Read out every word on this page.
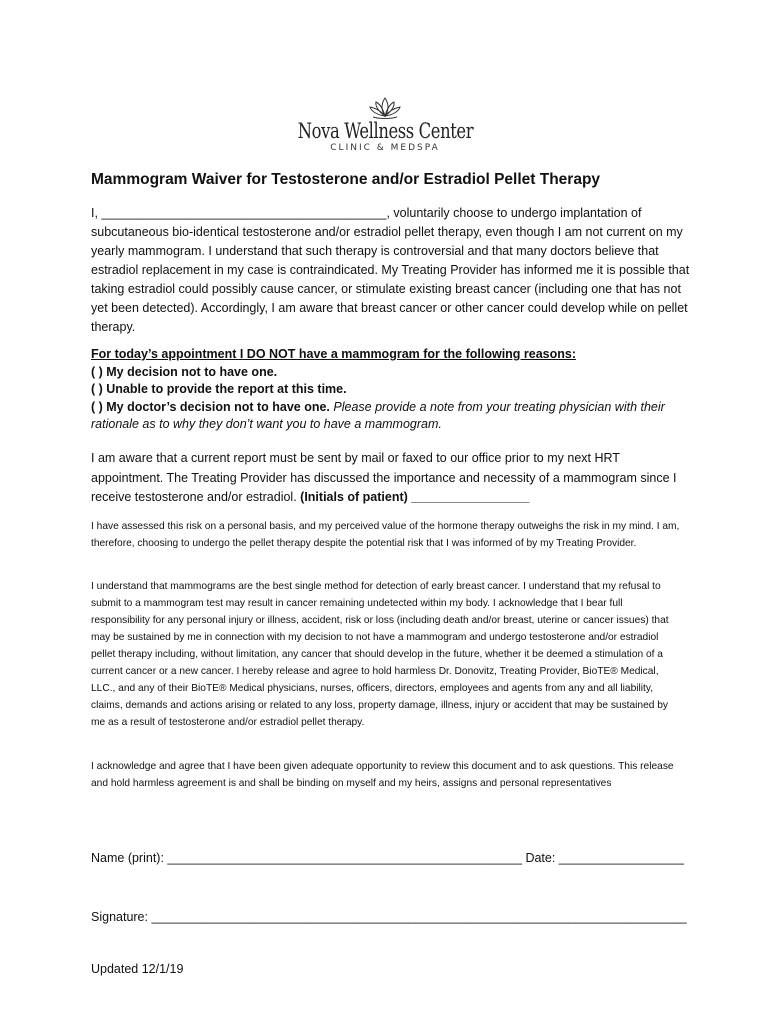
Nova Wellness Center
CLINIC & MEDSPA
Mammogram Waiver for Testosterone and/or Estradiol Pellet Therapy
I, _________________________________________, voluntarily choose to undergo implantation of subcutaneous bio-identical testosterone and/or estradiol pellet therapy, even though I am not current on my yearly mammogram. I understand that such therapy is controversial and that many doctors believe that estradiol replacement in my case is contraindicated. My Treating Provider has informed me it is possible that taking estradiol could possibly cause cancer, or stimulate existing breast cancer (including one that has not yet been detected). Accordingly, I am aware that breast cancer or other cancer could develop while on pellet therapy.
For today’s appointment I DO NOT have a mammogram for the following reasons:
( ) My decision not to have one.
( ) Unable to provide the report at this time.
( ) My doctor’s decision not to have one. Please provide a note from your treating physician with their rationale as to why they don’t want you to have a mammogram.
I am aware that a current report must be sent by mail or faxed to our office prior to my next HRT appointment. The Treating Provider has discussed the importance and necessity of a mammogram since I receive testosterone and/or estradiol. (Initials of patient) _________________
I have assessed this risk on a personal basis, and my perceived value of the hormone therapy outweighs the risk in my mind. I am, therefore, choosing to undergo the pellet therapy despite the potential risk that I was informed of by my Treating Provider.
I understand that mammograms are the best single method for detection of early breast cancer. I understand that my refusal to submit to a mammogram test may result in cancer remaining undetected within my body. I acknowledge that I bear full responsibility for any personal injury or illness, accident, risk or loss (including death and/or breast, uterine or cancer issues) that may be sustained by me in connection with my decision to not have a mammogram and undergo testosterone and/or estradiol pellet therapy including, without limitation, any cancer that should develop in the future, whether it be deemed a stimulation of a current cancer or a new cancer. I hereby release and agree to hold harmless Dr. Donovitz, Treating Provider, BioTE® Medical, LLC., and any of their BioTE® Medical physicians, nurses, officers, directors, employees and agents from any and all liability, claims, demands and actions arising or related to any loss, property damage, illness, injury or accident that may be sustained by me as a result of testosterone and/or estradiol pellet therapy.
I acknowledge and agree that I have been given adequate opportunity to review this document and to ask questions. This release and hold harmless agreement is and shall be binding on myself and my heirs, assigns and personal representatives
Name (print): ___________________________________________________ Date: __________________
Signature: _____________________________________________________________________________
Updated 12/1/19
